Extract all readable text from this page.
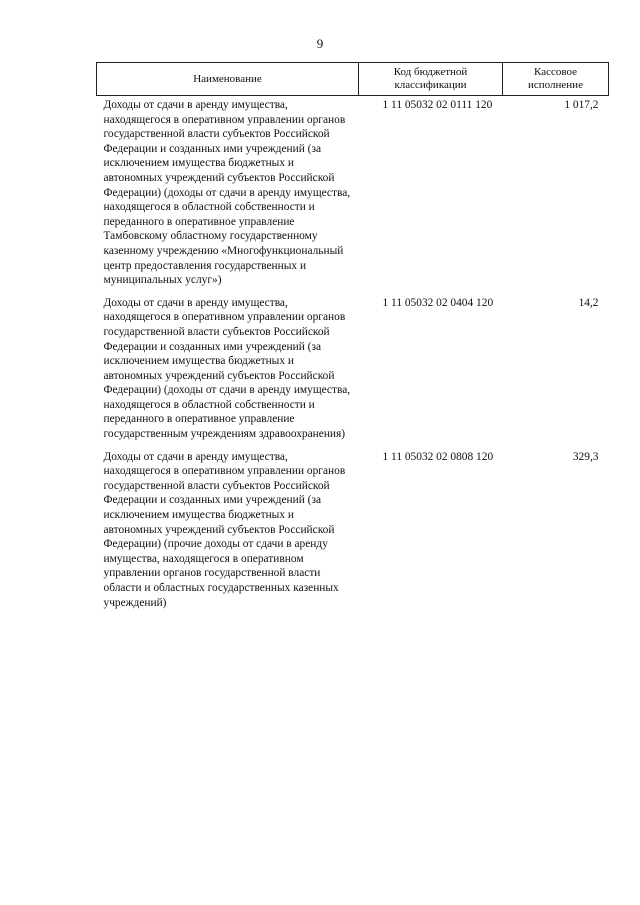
9
Наименование	Код бюджетной классификации	Кассовое исполнение
Доходы от сдачи в аренду имущества, находящегося в оперативном управлении органов государственной власти субъектов Российской Федерации и созданных ими учреждений (за исключением имущества бюджетных и автономных учреждений субъектов Российской Федерации) (доходы от сдачи в аренду имущества, находящегося в областной собственности и переданного в оперативное управление Тамбовскому областному государственному казенному учреждению «Многофункциональный центр предоставления государственных и муниципальных услуг»)	1 11 05032 02 0111 120	1 017,2
Доходы от сдачи в аренду имущества, находящегося в оперативном управлении органов государственной власти субъектов Российской Федерации и созданных ими учреждений (за исключением имущества бюджетных и автономных учреждений субъектов Российской Федерации) (доходы от сдачи в аренду имущества, находящегося в областной собственности и переданного в оперативное управление государственным учреждениям здравоохранения)	1 11 05032 02 0404 120	14,2
Доходы от сдачи в аренду имущества, находящегося в оперативном управлении органов государственной власти субъектов Российской Федерации и созданных ими учреждений (за исключением имущества бюджетных и автономных учреждений субъектов Российской Федерации) (прочие доходы от сдачи в аренду имущества, находящегося в оперативном управлении органов государственной власти области и областных государственных казенных учреждений)	1 11 05032 02 0808 120	329,3
